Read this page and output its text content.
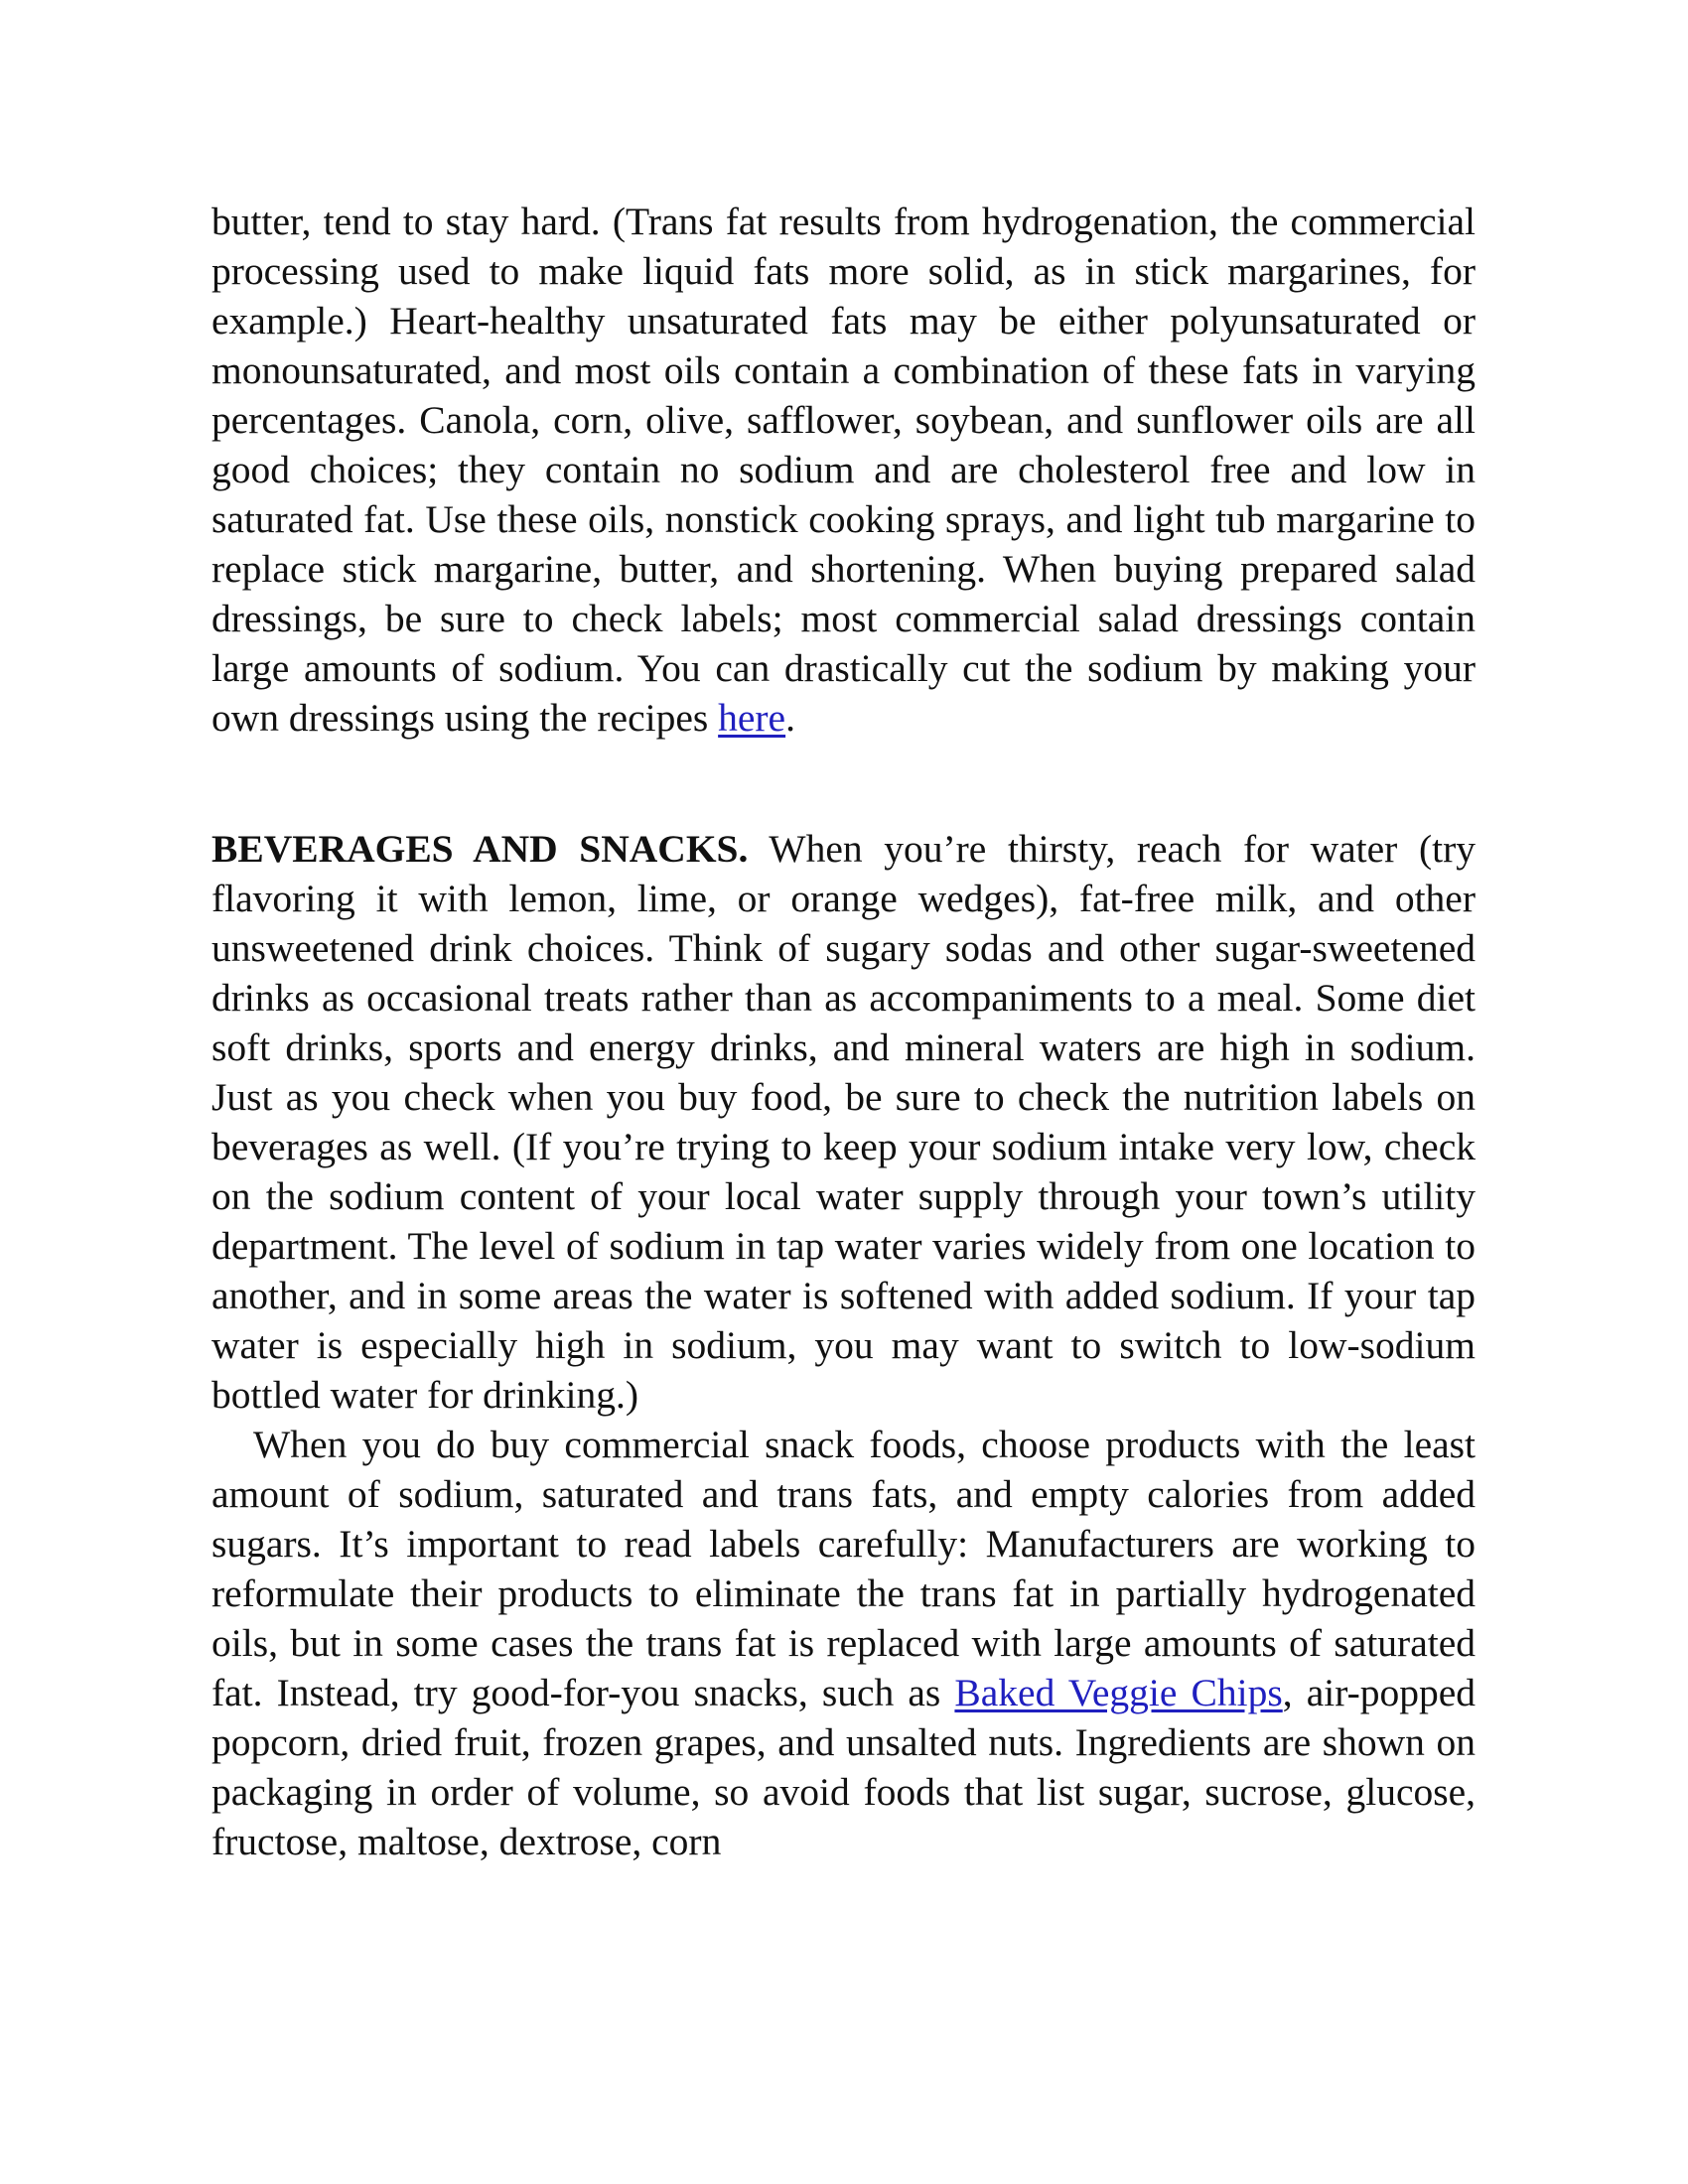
butter, tend to stay hard. (Trans fat results from hydrogenation, the commercial processing used to make liquid fats more solid, as in stick margarines, for example.) Heart-healthy unsaturated fats may be either polyunsaturated or monounsaturated, and most oils contain a combination of these fats in varying percentages. Canola, corn, olive, safflower, soybean, and sunflower oils are all good choices; they contain no sodium and are cholesterol free and low in saturated fat. Use these oils, nonstick cooking sprays, and light tub margarine to replace stick margarine, butter, and shortening. When buying prepared salad dressings, be sure to check labels; most commercial salad dressings contain large amounts of sodium. You can drastically cut the sodium by making your own dressings using the recipes here.

BEVERAGES AND SNACKS. When you’re thirsty, reach for water (try flavoring it with lemon, lime, or orange wedges), fat-free milk, and other unsweetened drink choices. Think of sugary sodas and other sugar-sweetened drinks as occasional treats rather than as accompaniments to a meal. Some diet soft drinks, sports and energy drinks, and mineral waters are high in sodium. Just as you check when you buy food, be sure to check the nutrition labels on beverages as well. (If you’re trying to keep your sodium intake very low, check on the sodium content of your local water supply through your town’s utility department. The level of sodium in tap water varies widely from one location to another, and in some areas the water is softened with added sodium. If your tap water is especially high in sodium, you may want to switch to low-sodium bottled water for drinking.)

When you do buy commercial snack foods, choose products with the least amount of sodium, saturated and trans fats, and empty calories from added sugars. It’s important to read labels carefully: Manufacturers are working to reformulate their products to eliminate the trans fat in partially hydrogenated oils, but in some cases the trans fat is replaced with large amounts of saturated fat. Instead, try good-for-you snacks, such as Baked Veggie Chips, air-popped popcorn, dried fruit, frozen grapes, and unsalted nuts. Ingredients are shown on packaging in order of volume, so avoid foods that list sugar, sucrose, glucose, fructose, maltose, dextrose, corn
